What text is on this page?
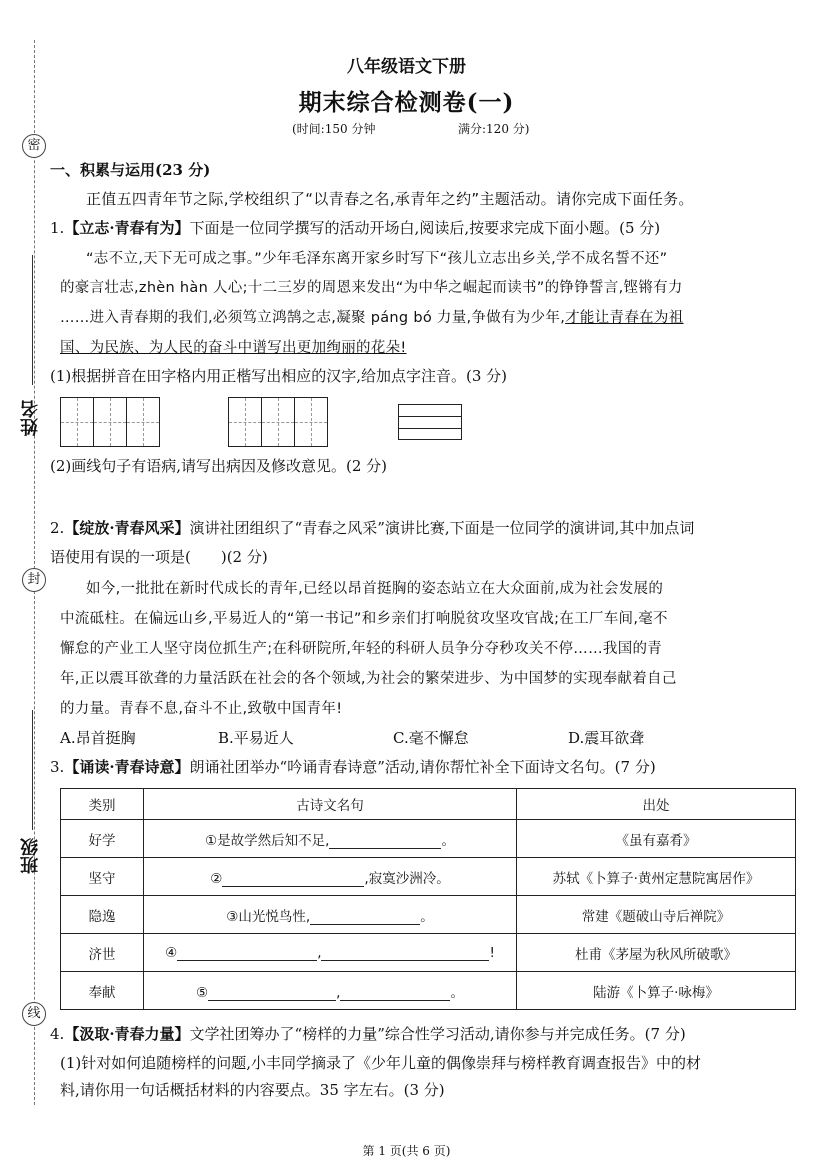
密
封
线
姓名
班级
八年级语文下册
期末综合检测卷(一)
(时间:150 分钟	满分:120 分)
一、积累与运用(23 分)
正值五四青年节之际,学校组织了“以青春之名,承青年之约”主题活动。请你完成下面任务。
1.【立志·青春有为】下面是一位同学撰写的活动开场白,阅读后,按要求完成下面小题。(5 分)
“志不立,天下无可成之事。”少年毛泽东离开家乡时写下“孩儿立志出乡关,学不成名誓不还”
的豪言壮志,zhèn hàn 人心;十二三岁的周恩来发出“为中华之崛起而读书”的铮铮誓言,铿锵有力
……进入青春期的我们,必须笃立鸿鹄之志,凝聚 páng bó 力量,争做有为少年,才能让青春在为祖
国、为民族、为人民的奋斗中谱写出更加绚丽的花朵!
(1)根据拼音在田字格内用正楷写出相应的汉字,给加点字注音。(3 分)
(2)画线句子有语病,请写出病因及修改意见。(2 分)
2.【绽放·青春风采】演讲社团组织了“青春之风采”演讲比赛,下面是一位同学的演讲词,其中加点词
语使用有误的一项是(　　)(2 分)
如今,一批批在新时代成长的青年,已经以昂首挺胸的姿态站立在大众面前,成为社会发展的
中流砥柱。在偏远山乡,平易近人的“第一书记”和乡亲们打响脱贫攻坚攻官战;在工厂车间,毫不
懈怠的产业工人坚守岗位抓生产;在科研院所,年轻的科研人员争分夺秒攻关不停……我国的青
年,正以震耳欲聋的力量活跃在社会的各个领域,为社会的繁荣进步、为中国梦的实现奉献着自己
的力量。青春不息,奋斗不止,致敬中国青年!
A.昂首挺胸	B.平易近人	C.毫不懈怠	D.震耳欲聋
3.【诵读·青春诗意】朗诵社团举办“吟诵青春诗意”活动,请你帮忙补全下面诗文名句。(7 分)
类别	古诗文名句	出处
好学	①是故学然后知不足, 。	《虽有嘉肴》
坚守	② ,寂寞沙洲冷。	苏轼《卜算子·黄州定慧院寓居作》
隐逸	③山光悦鸟性, 。	常建《题破山寺后禅院》
济世	④ , !	杜甫《茅屋为秋风所破歌》
奉献	⑤ , 。	陆游《卜算子·咏梅》
4.【汲取·青春力量】文学社团筹办了“榜样的力量”综合性学习活动,请你参与并完成任务。(7 分)
(1)针对如何追随榜样的问题,小丰同学摘录了《少年儿童的偶像崇拜与榜样教育调查报告》中的材
料,请你用一句话概括材料的内容要点。35 字左右。(3 分)
第 1 页(共 6 页)
